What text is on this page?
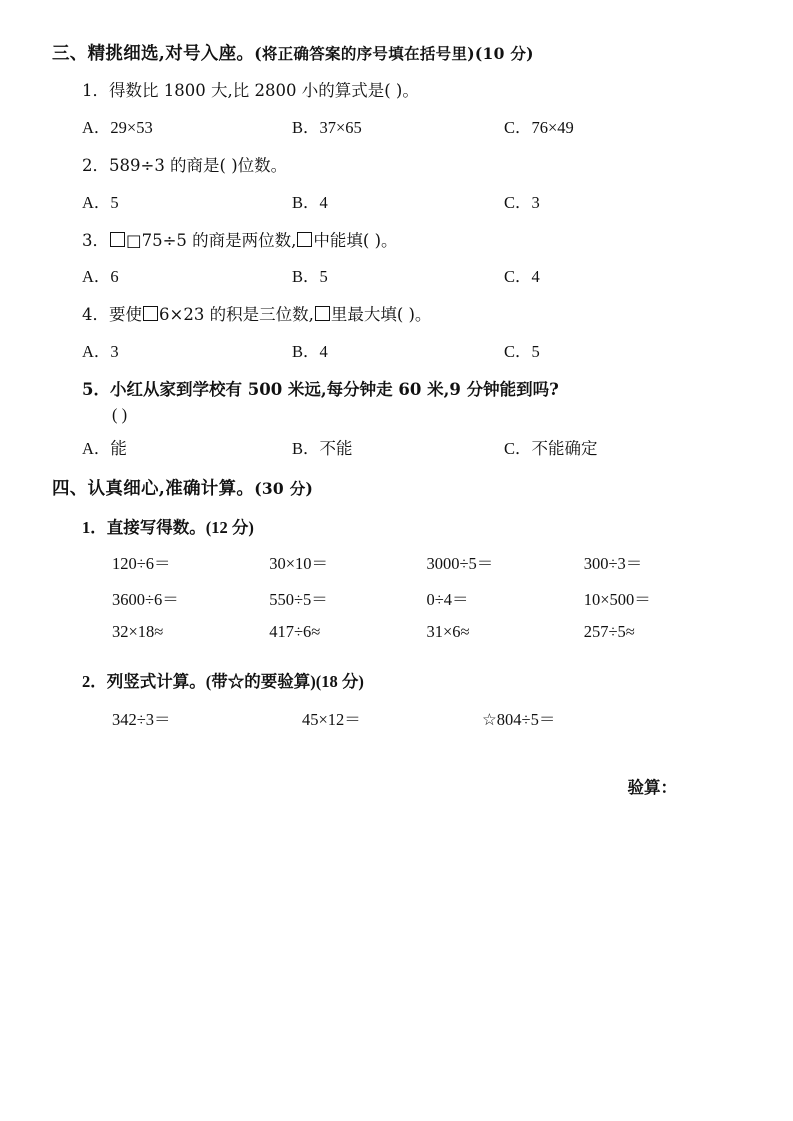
三、精挑细选,对号入座。(将正确答案的序号填在括号里)(10 分)
1．得数比 1800 大,比 2800 小的算式是( )。
A．29×53	B．37×65	C．76×49
2．589÷3 的商是( )位数。
A．5	B．4	C．3
3． □75÷5 的商是两位数, 中能填( )。
A．6	B．5	C．4
4．要使 6×23 的积是三位数, 里最大填( )。
A．3	B．4	C．5
5．小红从家到学校有 500 米远,每分钟走 60 米,9 分钟能到吗?
( )
A．能	B．不能	C．不能确定
四、认真细心,准确计算。(30 分)
1．直接写得数。(12 分)
120÷6＝	30×10＝	3000÷5＝	300÷3＝
3600÷6＝	550÷5＝	0÷4＝	10×500＝
32×18≈	417÷6≈	31×6≈	257÷5≈
2．列竖式计算。(带☆的要验算)(18 分)
342÷3＝	45×12＝	☆804÷5＝
验算：
